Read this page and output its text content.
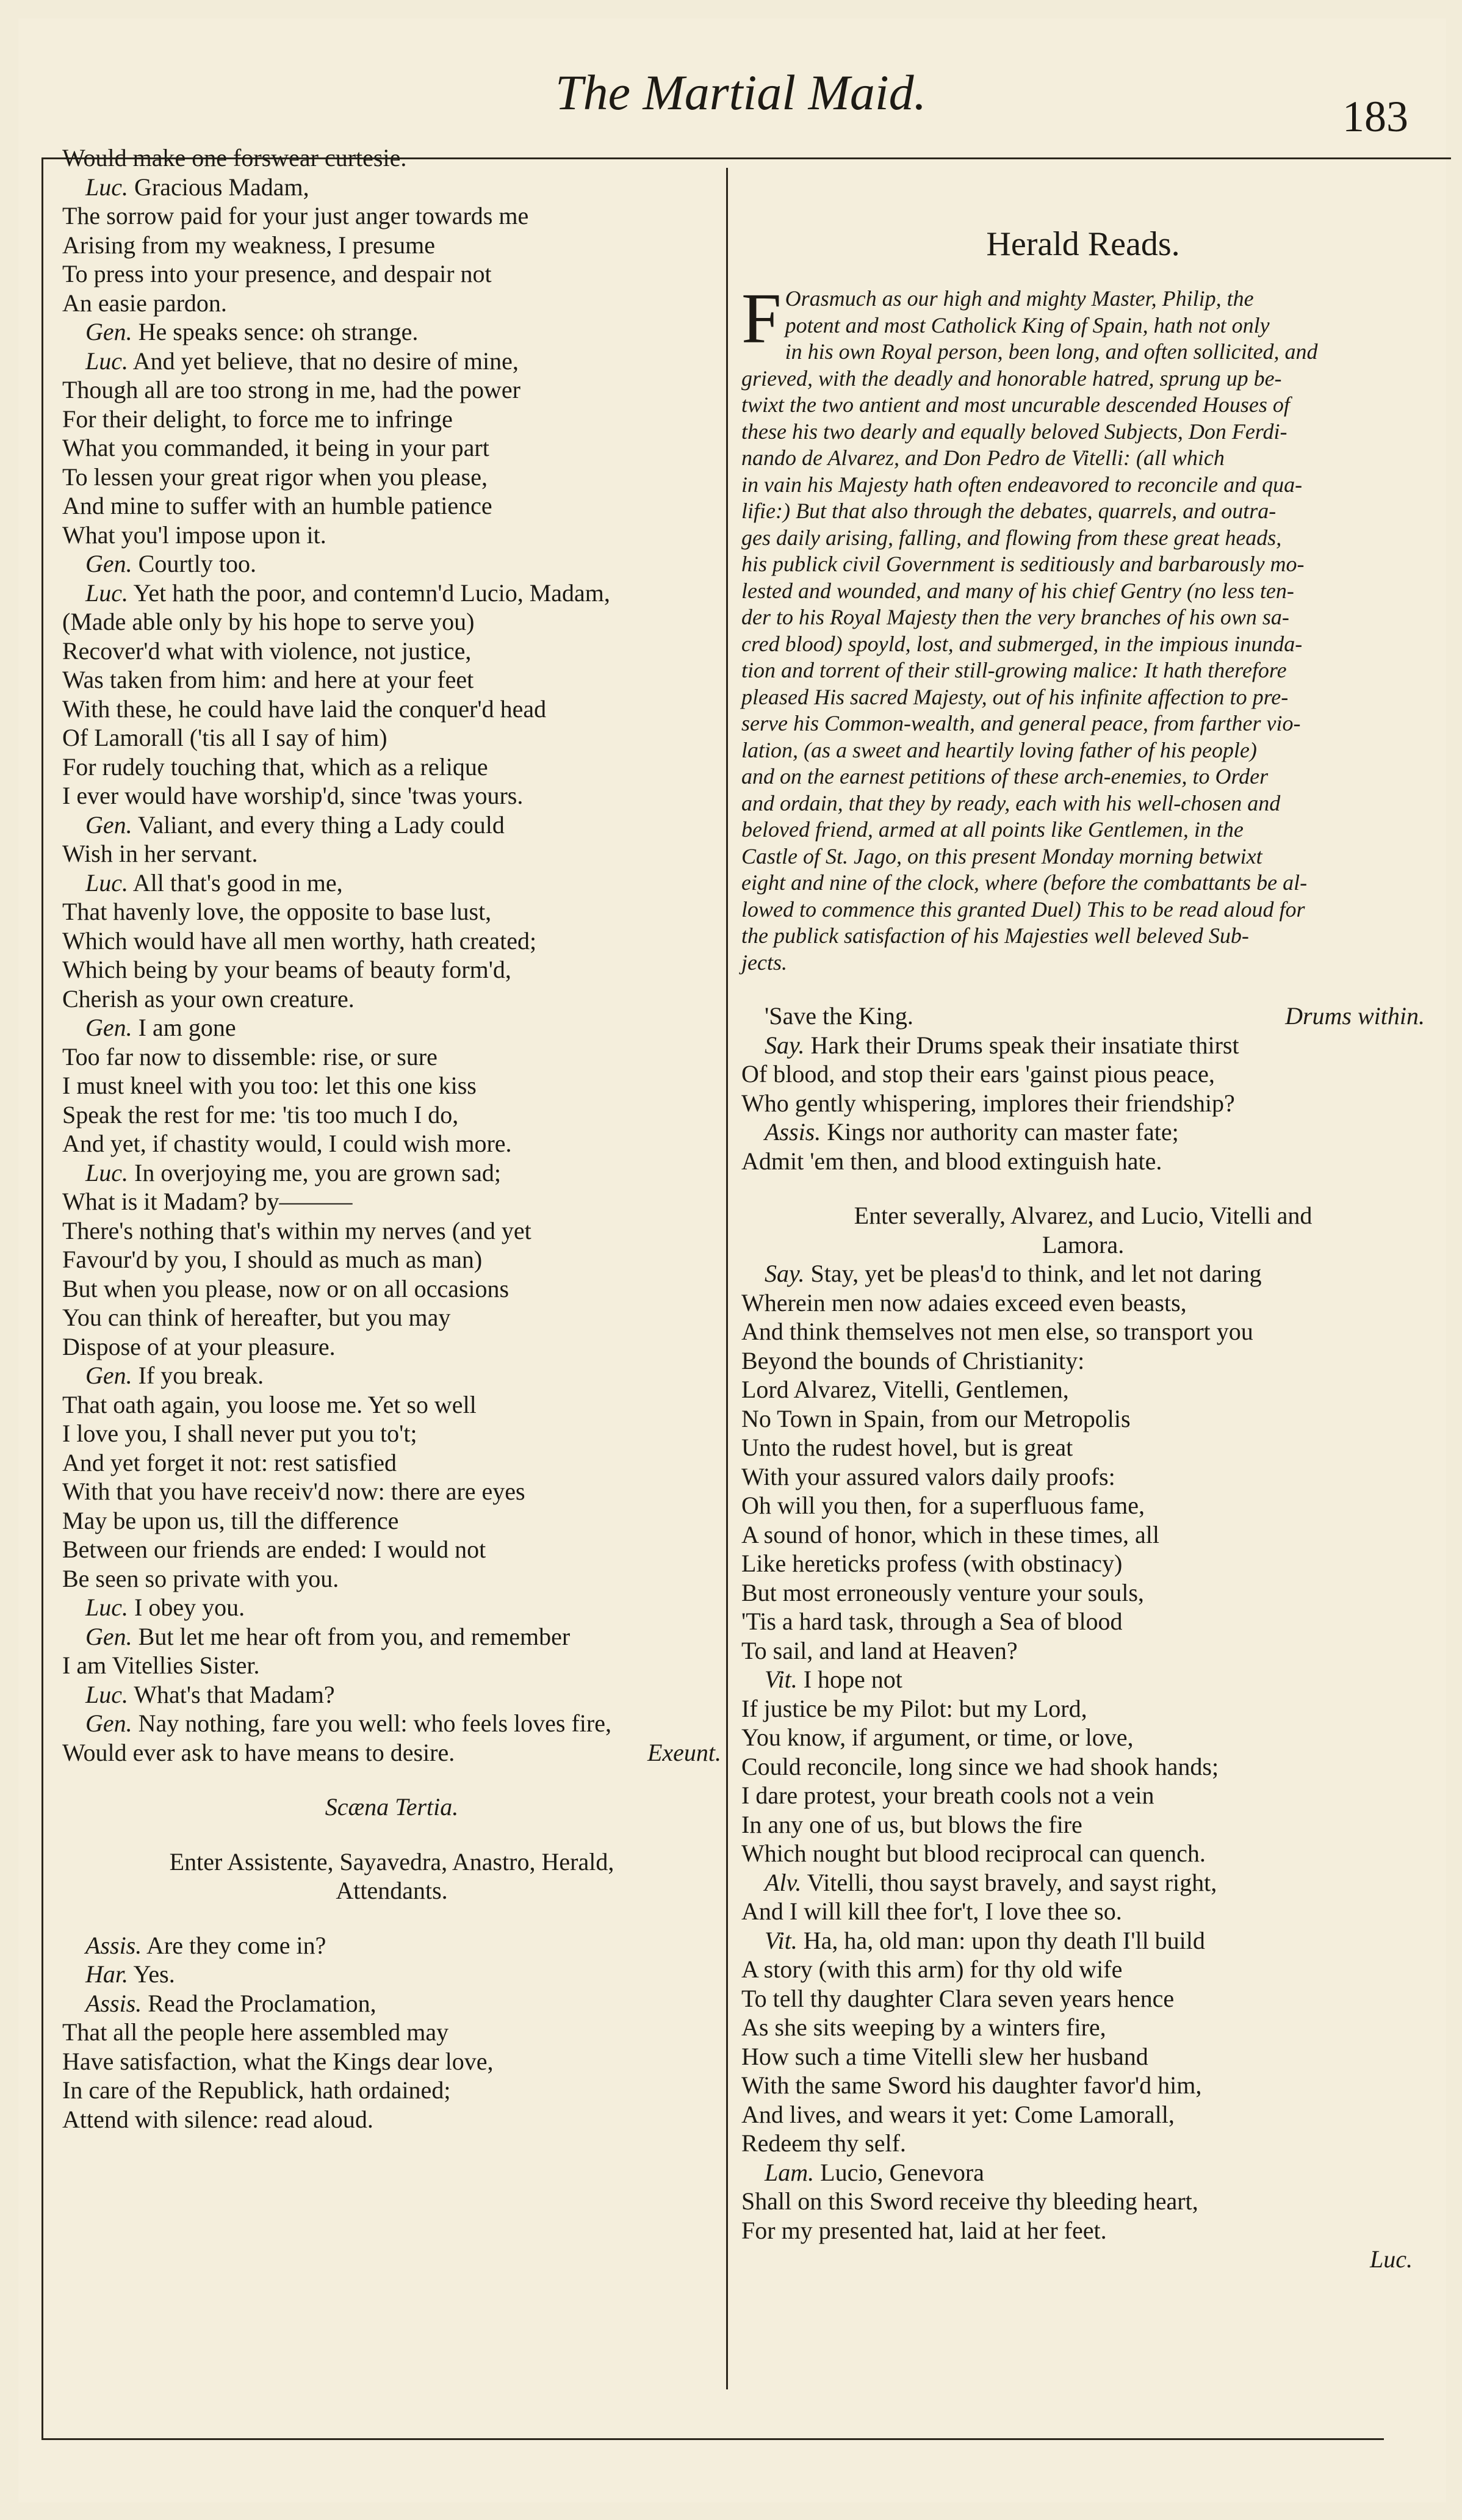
The Martial Maid.	183
Would make one forswear curtesie.
Luc. Gracious Madam,
The sorrow paid for your just anger towards me
Arising from my weakness, I presume
To press into your presence, and despair not
An easie pardon.
Gen. He speaks sence: oh strange.
Luc. And yet believe, that no desire of mine,
Though all are too strong in me, had the power
For their delight, to force me to infringe
What you commanded, it being in your part
To lessen your great rigor when you please,
And mine to suffer with an humble patience
What you'l impose upon it.
Gen. Courtly too.
Luc. Yet hath the poor, and contemn'd Lucio, Madam,
(Made able only by his hope to serve you)
Recover'd what with violence, not justice,
Was taken from him: and here at your feet
With these, he could have laid the conquer'd head
Of Lamorall ('tis all I say of him)
For rudely touching that, which as a relique
I ever would have worship'd, since 'twas yours.
Gen. Valiant, and every thing a Lady could
Wish in her servant.
Luc. All that's good in me,
That havenly love, the opposite to base lust,
Which would have all men worthy, hath created;
Which being by your beams of beauty form'd,
Cherish as your own creature.
Gen. I am gone
Too far now to dissemble: rise, or sure
I must kneel with you too: let this one kiss
Speak the rest for me: 'tis too much I do,
And yet, if chastity would, I could wish more.
Luc. In overjoying me, you are grown sad;
What is it Madam? by———
There's nothing that's within my nerves (and yet
Favour'd by you, I should as much as man)
But when you please, now or on all occasions
You can think of hereafter, but you may
Dispose of at your pleasure.
Gen. If you break.
That oath again, you loose me. Yet so well
I love you, I shall never put you to't;
And yet forget it not: rest satisfied
With that you have receiv'd now: there are eyes
May be upon us, till the difference
Between our friends are ended: I would not
Be seen so private with you.
Luc. I obey you.
Gen. But let me hear oft from you, and remember
I am Vitellies Sister.
Luc. What's that Madam?
Gen. Nay nothing, fare you well: who feels loves fire,
Would ever ask to have means to desire.	Exeunt.
Scæna Tertia.
Enter Assistente, Sayavedra, Anastro, Herald,
Attendants.
Assis. Are they come in?
Har. Yes.
Assis. Read the Proclamation,
That all the people here assembled may
Have satisfaction, what the Kings dear love,
In care of the Republick, hath ordained;
Attend with silence: read aloud.
Herald Reads.
F Orasmuch as our high and mighty Master, Philip, the
potent and most Catholick King of Spain, hath not only
in his own Royal person, been long, and often sollicited, and
grieved, with the deadly and honorable hatred, sprung up be-
twixt the two antient and most uncurable descended Houses of
these his two dearly and equally beloved Subjects, Don Ferdi-
nando de Alvarez, and Don Pedro de Vitelli: (all which
in vain his Majesty hath often endeavored to reconcile and qua-
lifie:) But that also through the debates, quarrels, and outra-
ges daily arising, falling, and flowing from these great heads,
his publick civil Government is seditiously and barbarously mo-
lested and wounded, and many of his chief Gentry (no less ten-
der to his Royal Majesty then the very branches of his own sa-
cred blood) spoyld, lost, and submerged, in the impious inunda-
tion and torrent of their still-growing malice: It hath therefore
pleased His sacred Majesty, out of his infinite affection to pre-
serve his Common-wealth, and general peace, from farther vio-
lation, (as a sweet and heartily loving father of his people)
and on the earnest petitions of these arch-enemies, to Order
and ordain, that they by ready, each with his well-chosen and
beloved friend, armed at all points like Gentlemen, in the
Castle of St. Jago, on this present Monday morning betwixt
eight and nine of the clock, where (before the combattants be al-
lowed to commence this granted Duel) This to be read aloud for
the publick satisfaction of his Majesties well beleved Sub-
jects.
'Save the King.	Drums within.
Say. Hark their Drums speak their insatiate thirst
Of blood, and stop their ears 'gainst pious peace,
Who gently whispering, implores their friendship?
Assis. Kings nor authority can master fate;
Admit 'em then, and blood extinguish hate.
Enter severally, Alvarez, and Lucio, Vitelli and
Lamora.
Say. Stay, yet be pleas'd to think, and let not daring
Wherein men now adaies exceed even beasts,
And think themselves not men else, so transport you
Beyond the bounds of Christianity:
Lord Alvarez, Vitelli, Gentlemen,
No Town in Spain, from our Metropolis
Unto the rudest hovel, but is great
With your assured valors daily proofs:
Oh will you then, for a superfluous fame,
A sound of honor, which in these times, all
Like hereticks profess (with obstinacy)
But most erroneously venture your souls,
'Tis a hard task, through a Sea of blood
To sail, and land at Heaven?
Vit. I hope not
If justice be my Pilot: but my Lord,
You know, if argument, or time, or love,
Could reconcile, long since we had shook hands;
I dare protest, your breath cools not a vein
In any one of us, but blows the fire
Which nought but blood reciprocal can quench.
Alv. Vitelli, thou sayst bravely, and sayst right,
And I will kill thee for't, I love thee so.
Vit. Ha, ha, old man: upon thy death I'll build
A story (with this arm) for thy old wife
To tell thy daughter Clara seven years hence
As she sits weeping by a winters fire,
How such a time Vitelli slew her husband
With the same Sword his daughter favor'd him,
And lives, and wears it yet: Come Lamorall,
Redeem thy self.
Lam. Lucio, Genevora
Shall on this Sword receive thy bleeding heart,
For my presented hat, laid at her feet.
Luc.
